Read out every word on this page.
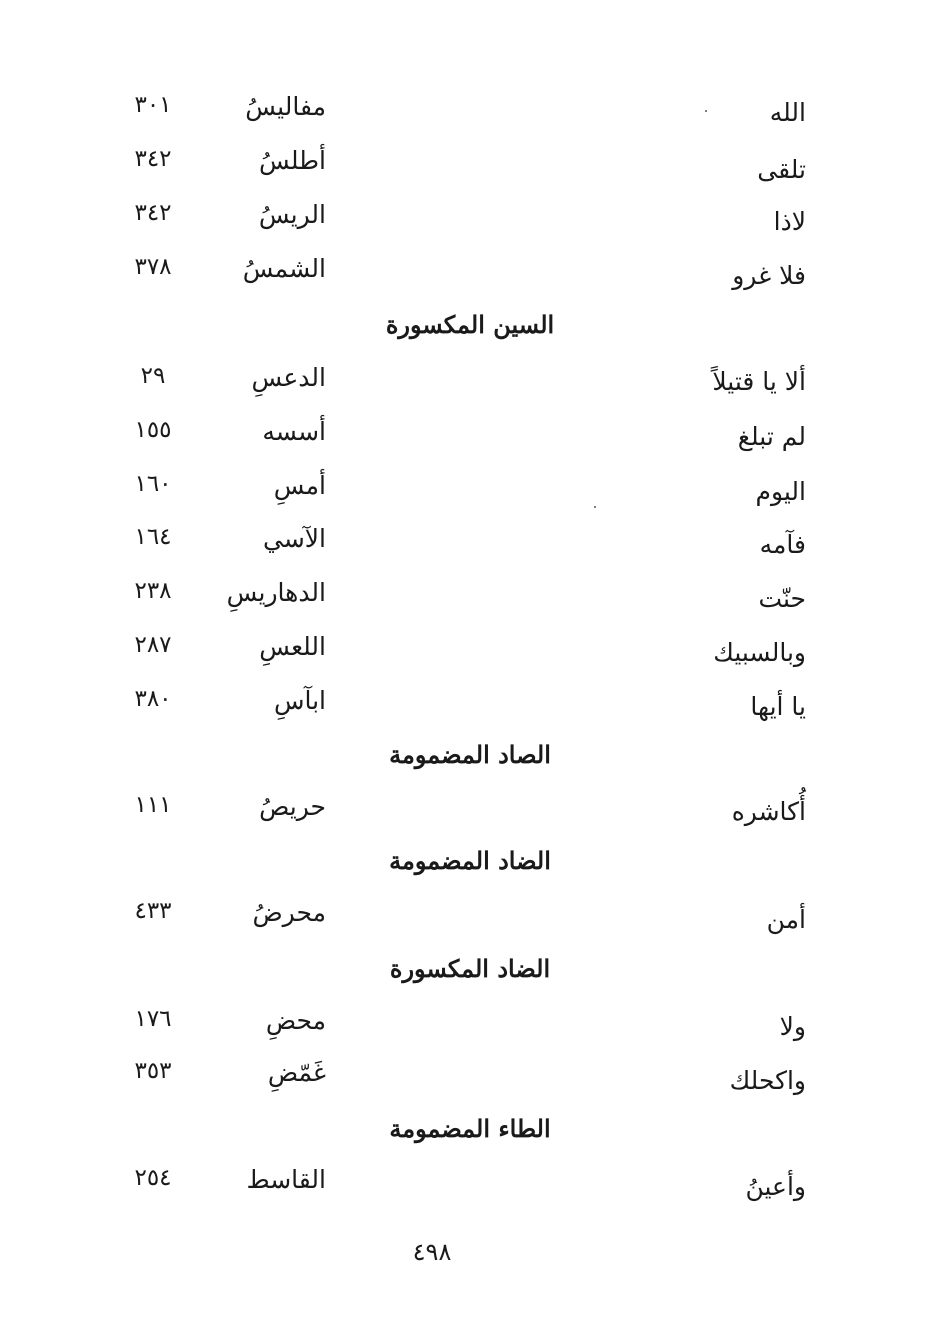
الله
مفاليسُ
٣٠١
تلقى
أطلسُ
٣٤٢
لاذا
الريسُ
٣٤٢
فلا غرو
الشمسُ
٣٧٨
السين المكسورة
ألا يا قتيلاً
الدعسِ
٢٩
لم تبلغ
أسسه
١٥٥
اليوم
أمسِ
١٦٠
فآمه
الآسي
١٦٤
حنّت
الدهاريسِ
٢٣٨
وبالسبيك
اللعسِ
٢٨٧
يا أيها
ابآسِ
٣٨٠
الصاد المضمومة
أُكاشره
حريصُ
١١١
الضاد المضمومة
أمن
محرضُ
٤٣٣
الضاد المكسورة
ولا
محضِ
١٧٦
واكحلك
غَمّضِ
٣٥٣
الطاء المضمومة
وأعينُ
القاسط
٢٥٤
٤٩٨
